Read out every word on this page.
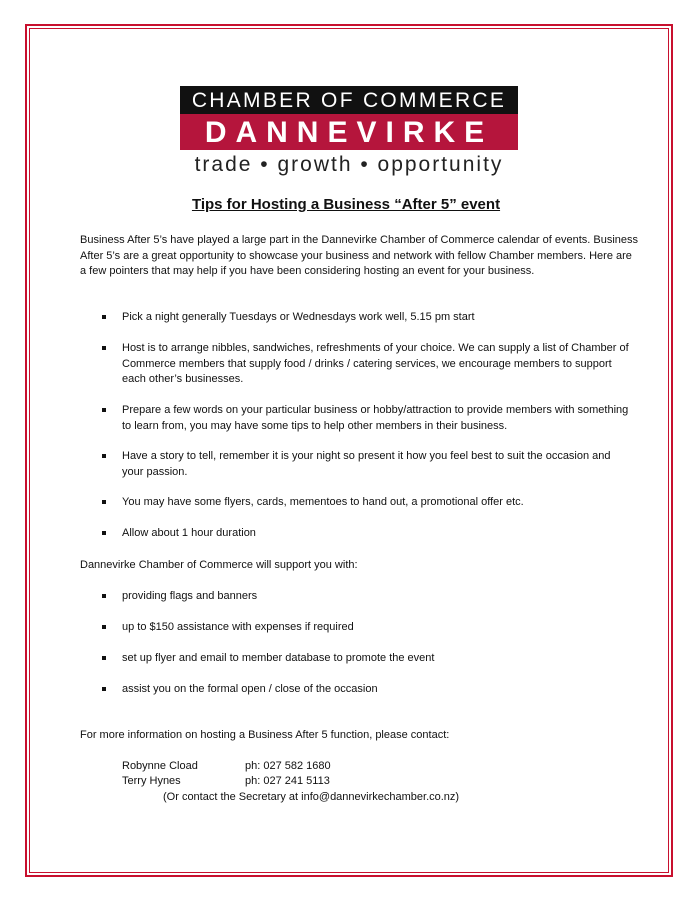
CHAMBER OF COMMERCE
DANNEVIRKE
trade • growth • opportunity
Tips for Hosting a Business “After 5” event
Business After 5’s have played a large part in the Dannevirke Chamber of Commerce calendar of events. Business After 5’s are a great opportunity to showcase your business and network with fellow Chamber members. Here are a few pointers that may help if you have been considering hosting an event for your business.
Pick a night generally Tuesdays or Wednesdays work well, 5.15 pm start
Host is to arrange nibbles, sandwiches, refreshments of your choice. We can supply a list of Chamber of Commerce members that supply food / drinks / catering services, we encourage members to support each other’s businesses.
Prepare a few words on your particular business or hobby/attraction to provide members with something to learn from, you may have some tips to help other members in their business.
Have a story to tell, remember it is your night so present it how you feel best to suit the occasion and your passion.
You may have some flyers, cards, mementoes to hand out, a promotional offer etc.
Allow about 1 hour duration
Dannevirke Chamber of Commerce will support you with:
providing flags and banners
up to $150 assistance with expenses if required
set up flyer and email to member database to promote the event
assist you on the formal open / close of the occasion
For more information on hosting a Business After 5 function, please contact:
Robynne Cload	ph: 027 582 1680
Terry Hynes	ph: 027 241 5113
(Or contact the Secretary at info@dannevirkechamber.co.nz)
